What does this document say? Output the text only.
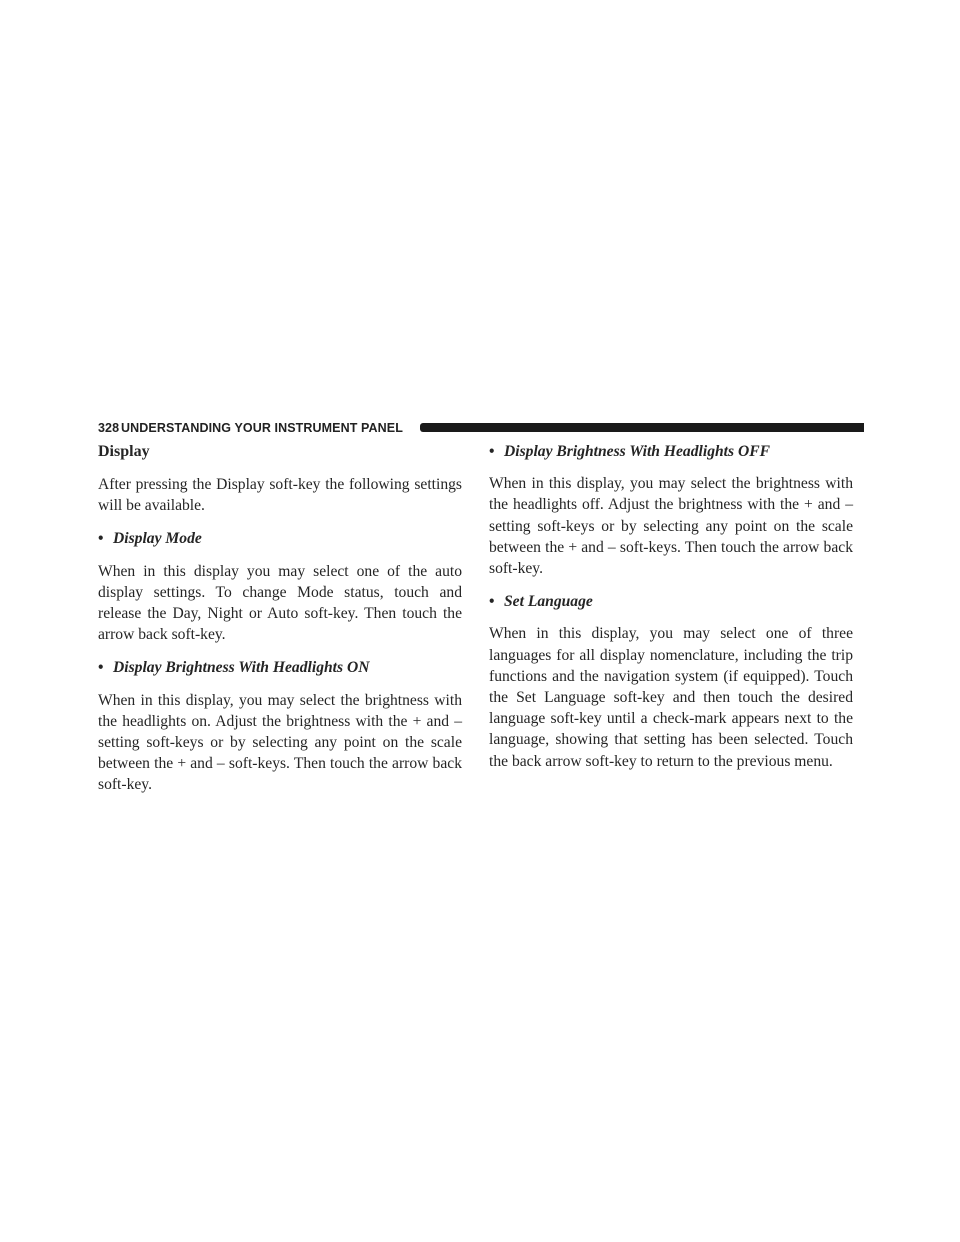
328 UNDERSTANDING YOUR INSTRUMENT PANEL
Display

After pressing the Display soft-key the following settings will be available.

• Display Mode

When in this display you may select one of the auto display settings. To change Mode status, touch and release the Day, Night or Auto soft-key. Then touch the arrow back soft-key.

• Display Brightness With Headlights ON

When in this display, you may select the brightness with the headlights on. Adjust the brightness with the + and – setting soft-keys or by selecting any point on the scale between the + and – soft-keys. Then touch the arrow back soft-key.

• Display Brightness With Headlights OFF

When in this display, you may select the brightness with the headlights off. Adjust the brightness with the + and – setting soft-keys or by selecting any point on the scale between the + and – soft-keys. Then touch the arrow back soft-key.

• Set Language

When in this display, you may select one of three languages for all display nomenclature, including the trip functions and the navigation system (if equipped). Touch the Set Language soft-key and then touch the desired language soft-key until a check-mark appears next to the language, showing that setting has been selected. Touch the back arrow soft-key to return to the previous menu.
